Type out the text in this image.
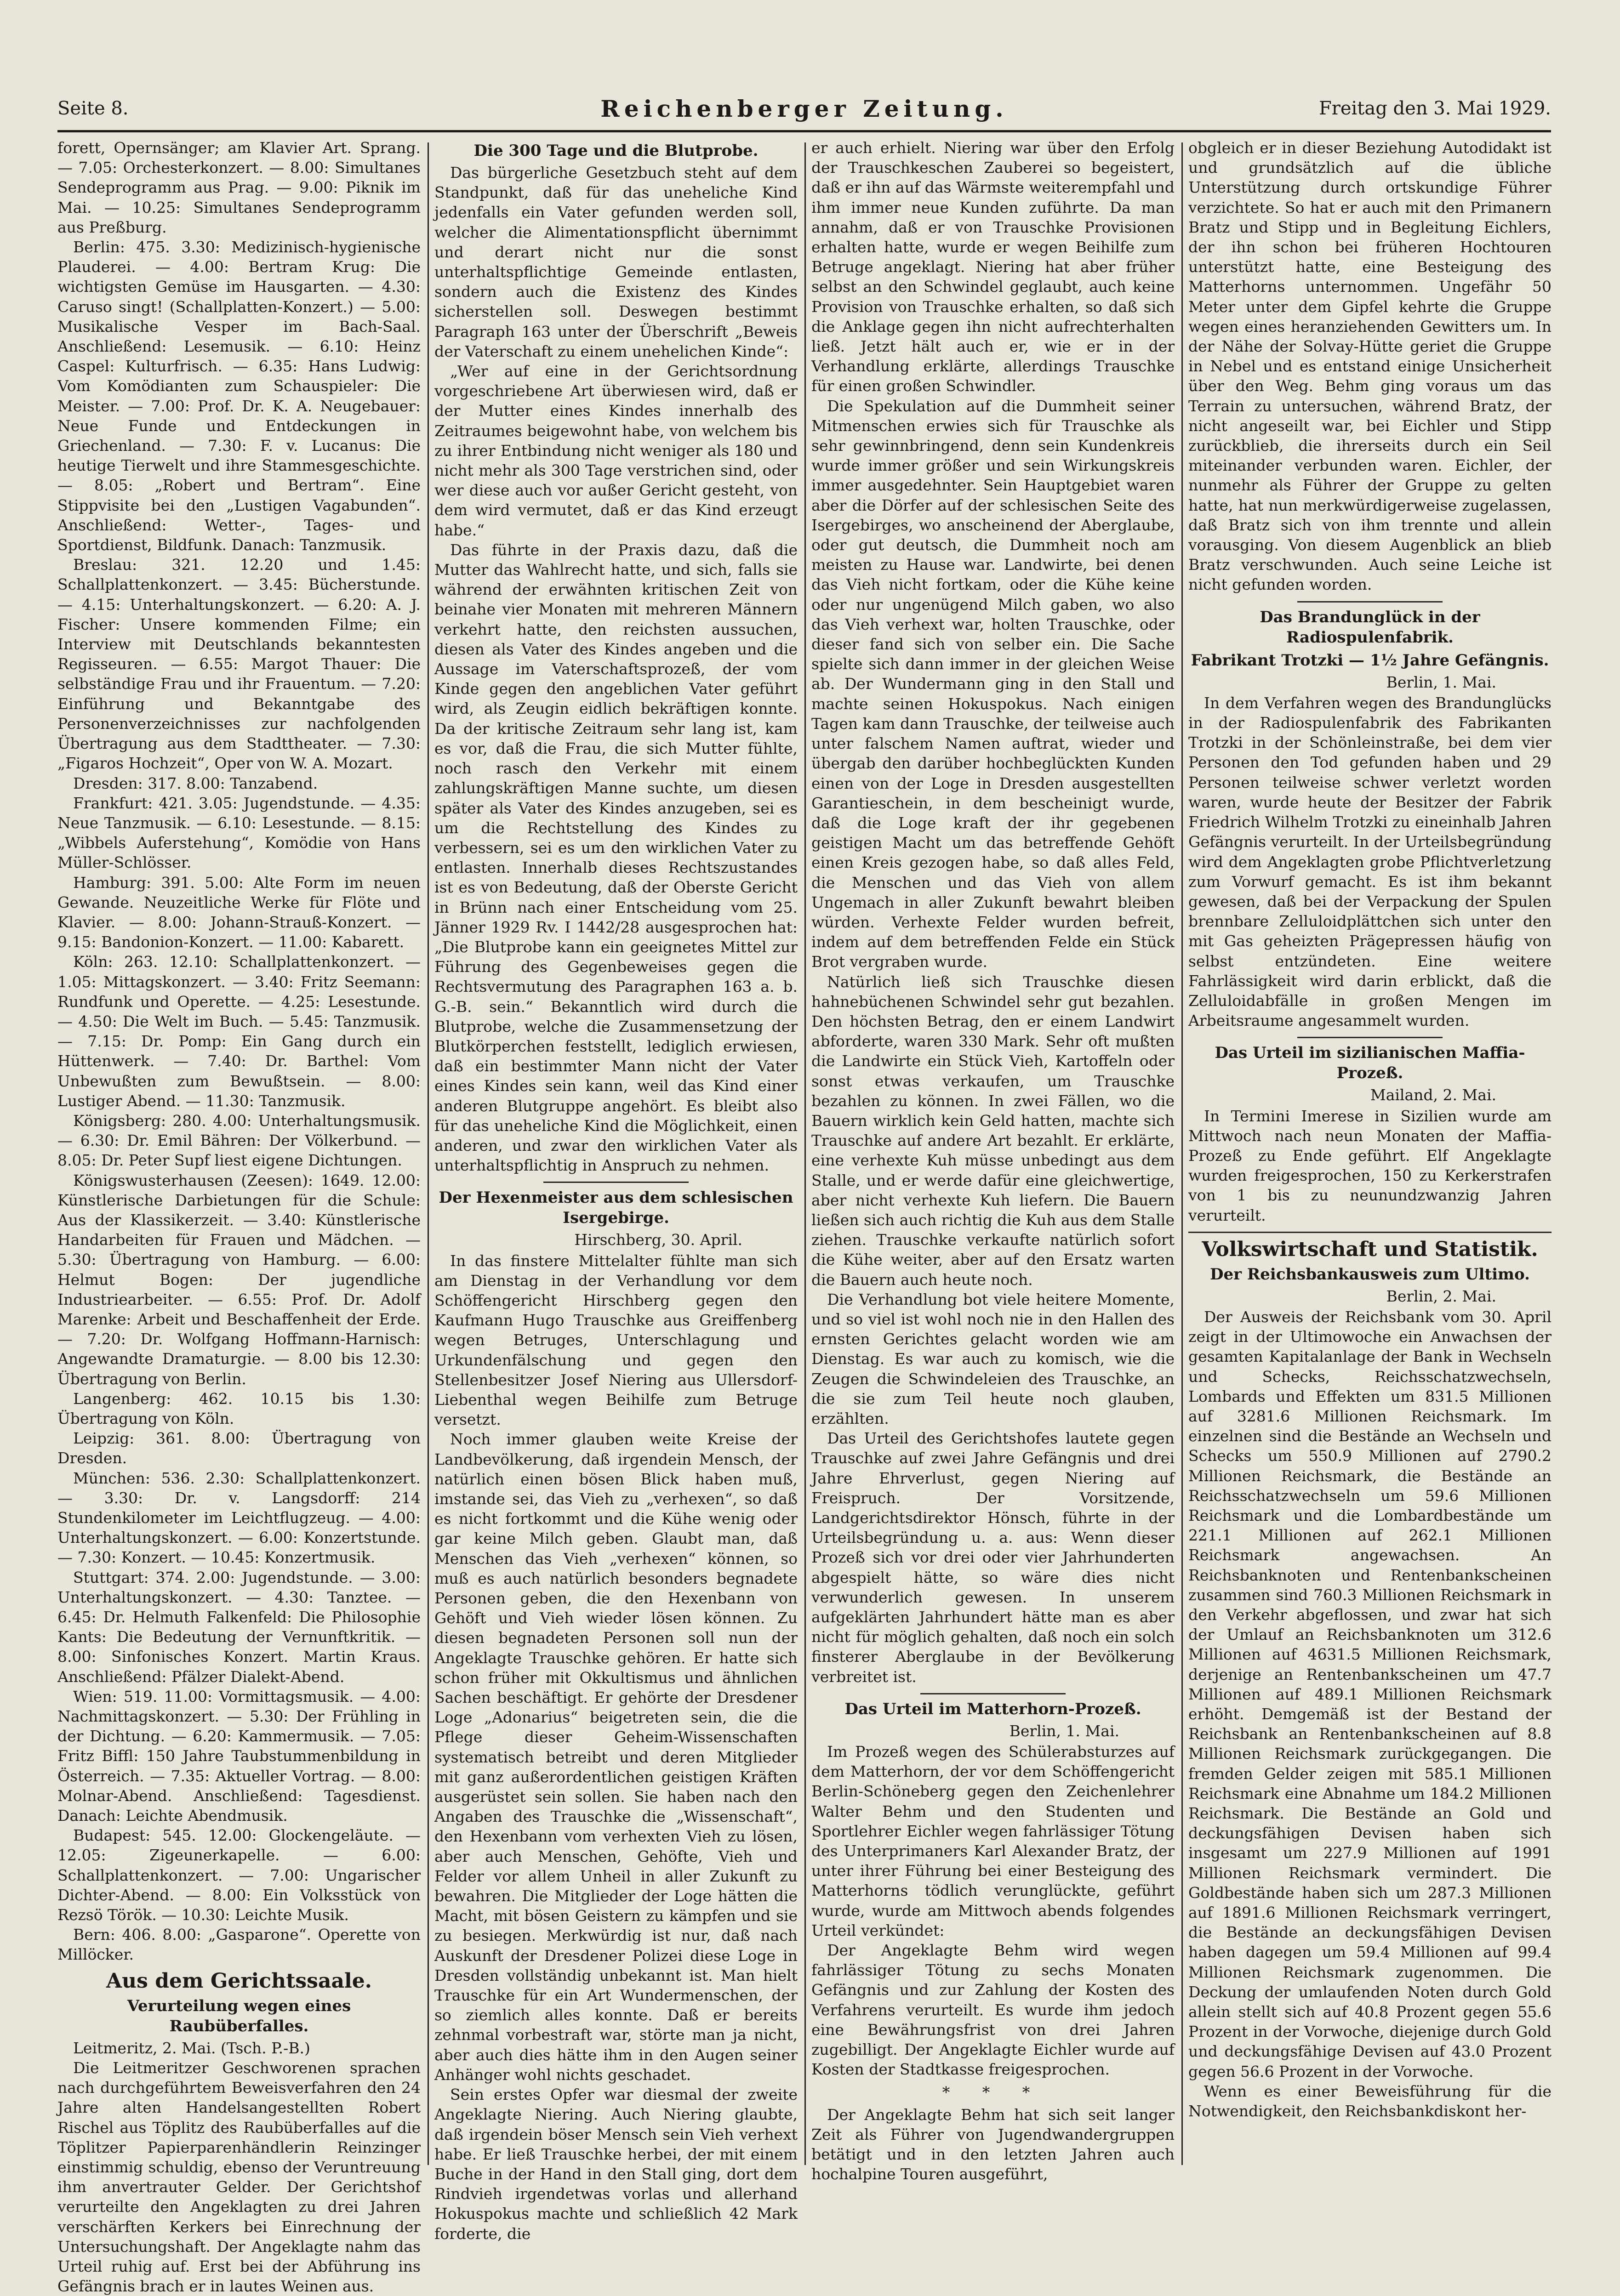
Seite 8.	Reichenberger Zeitung.	Freitag den 3. Mai 1929.

forett, Opernsänger; am Klavier Art. Sprang. — 7.05: Orchesterkonzert. — 8.00: Simultanes Sendeprogramm aus Prag. — 9.00: Piknik im Mai. — 10.25: Simultanes Sendeprogramm aus Preßburg.

Berlin: 475. 3.30: Medizinisch-hygienische Plauderei. — 4.00: Bertram Krug: Die wichtigsten Gemüse im Hausgarten. — 4.30: Caruso singt! (Schallplatten-Konzert.) — 5.00: Musikalische Vesper im Bach-Saal. Anschließend: Lesemusik. — 6.10: Heinz Caspel: Kulturfrisch. — 6.35: Hans Ludwig: Vom Komödianten zum Schauspieler: Die Meister. — 7.00: Prof. Dr. K. A. Neugebauer: Neue Funde und Entdeckungen in Griechenland. — 7.30: F. v. Lucanus: Die heutige Tierwelt und ihre Stammesgeschichte. — 8.05: „Robert und Bertram“. Eine Stippvisite bei den „Lustigen Vagabunden“. Anschließend: Wetter-, Tages- und Sportdienst, Bildfunk. Danach: Tanzmusik.

Breslau: 321. 12.20 und 1.45: Schallplattenkonzert. — 3.45: Bücherstunde. — 4.15: Unterhaltungskonzert. — 6.20: A. J. Fischer: Unsere kommenden Filme; ein Interview mit Deutschlands bekanntesten Regisseuren. — 6.55: Margot Thauer: Die selbständige Frau und ihr Frauentum. — 7.20: Einführung und Bekanntgabe des Personenverzeichnisses zur nachfolgenden Übertragung aus dem Stadttheater. — 7.30: „Figaros Hochzeit“, Oper von W. A. Mozart.

Dresden: 317. 8.00: Tanzabend.

Frankfurt: 421. 3.05: Jugendstunde. — 4.35: Neue Tanzmusik. — 6.10: Lesestunde. — 8.15: „Wibbels Auferstehung“, Komödie von Hans Müller-Schlösser.

Hamburg: 391. 5.00: Alte Form im neuen Gewande. Neuzeitliche Werke für Flöte und Klavier. — 8.00: Johann-Strauß-Konzert. — 9.15: Bandonion-Konzert. — 11.00: Kabarett.

Köln: 263. 12.10: Schallplattenkonzert. — 1.05: Mittagskonzert. — 3.40: Fritz Seemann: Rundfunk und Operette. — 4.25: Lesestunde. — 4.50: Die Welt im Buch. — 5.45: Tanzmusik. — 7.15: Dr. Pomp: Ein Gang durch ein Hüttenwerk. — 7.40: Dr. Barthel: Vom Unbewußten zum Bewußtsein. — 8.00: Lustiger Abend. — 11.30: Tanzmusik.

Königsberg: 280. 4.00: Unterhaltungsmusik. — 6.30: Dr. Emil Bähren: Der Völkerbund. — 8.05: Dr. Peter Supf liest eigene Dichtungen.

Königswusterhausen (Zeesen): 1649. 12.00: Künstlerische Darbietungen für die Schule: Aus der Klassikerzeit. — 3.40: Künstlerische Handarbeiten für Frauen und Mädchen. — 5.30: Übertragung von Hamburg. — 6.00: Helmut Bogen: Der jugendliche Industriearbeiter. — 6.55: Prof. Dr. Adolf Marenke: Arbeit und Beschaffenheit der Erde. — 7.20: Dr. Wolfgang Hoffmann-Harnisch: Angewandte Dramaturgie. — 8.00 bis 12.30: Übertragung von Berlin.

Langenberg: 462. 10.15 bis 1.30: Übertragung von Köln.

Leipzig: 361. 8.00: Übertragung von Dresden.

München: 536. 2.30: Schallplattenkonzert. — 3.30: Dr. v. Langsdorff: 214 Stundenkilometer im Leichtflugzeug. — 4.00: Unterhaltungskonzert. — 6.00: Konzertstunde. — 7.30: Konzert. — 10.45: Konzertmusik.

Stuttgart: 374. 2.00: Jugendstunde. — 3.00: Unterhaltungskonzert. — 4.30: Tanztee. — 6.45: Dr. Helmuth Falkenfeld: Die Philosophie Kants: Die Bedeutung der Vernunftkritik. — 8.00: Sinfonisches Konzert. Martin Kraus. Anschließend: Pfälzer Dialekt-Abend.

Wien: 519. 11.00: Vormittagsmusik. — 4.00: Nachmittagskonzert. — 5.30: Der Frühling in der Dichtung. — 6.20: Kammermusik. — 7.05: Fritz Biffl: 150 Jahre Taubstummenbildung in Österreich. — 7.35: Aktueller Vortrag. — 8.00: Molnar-Abend. Anschließend: Tagesdienst. Danach: Leichte Abendmusik.

Budapest: 545. 12.00: Glockengeläute. — 12.05: Zigeunerkapelle. — 6.00: Schallplattenkonzert. — 7.00: Ungarischer Dichter-Abend. — 8.00: Ein Volksstück von Rezsö Török. — 10.30: Leichte Musik.

Bern: 406. 8.00: „Gasparone“. Operette von Millöcker.

Aus dem Gerichtssaale.
Verurteilung wegen eines Raubüberfalles.

Leitmeritz, 2. Mai. (Tsch. P.-B.)

Die Leitmeritzer Geschworenen sprachen nach durchgeführtem Beweisverfahren den 24 Jahre alten Handelsangestellten Robert Rischel aus Töplitz des Raubüberfalles auf die Töplitzer Papierparenhändlerin Reinzinger einstimmig schuldig, ebenso der Veruntreuung ihm anvertrauter Gelder. Der Gerichtshof verurteilte den Angeklagten zu drei Jahren verschärften Kerkers bei Einrechnung der Untersuchungshaft. Der Angeklagte nahm das Urteil ruhig auf. Erst bei der Abführung ins Gefängnis brach er in lautes Weinen aus.

Die 300 Tage und die Blutprobe.

Das bürgerliche Gesetzbuch steht auf dem Standpunkt, daß für das uneheliche Kind jedenfalls ein Vater gefunden werden soll, welcher die Alimentationspflicht übernimmt und derart nicht nur die sonst unterhaltspflichtige Gemeinde entlasten, sondern auch die Existenz des Kindes sicherstellen soll. Deswegen bestimmt Paragraph 163 unter der Überschrift „Beweis der Vaterschaft zu einem unehelichen Kinde“:

„Wer auf eine in der Gerichtsordnung vorgeschriebene Art überwiesen wird, daß er der Mutter eines Kindes innerhalb des Zeitraumes beigewohnt habe, von welchem bis zu ihrer Entbindung nicht weniger als 180 und nicht mehr als 300 Tage verstrichen sind, oder wer diese auch vor außer Gericht gesteht, von dem wird vermutet, daß er das Kind erzeugt habe.“

Das führte in der Praxis dazu, daß die Mutter das Wahlrecht hatte, und sich, falls sie während der erwähnten kritischen Zeit von beinahe vier Monaten mit mehreren Männern verkehrt hatte, den reichsten aussuchen, diesen als Vater des Kindes angeben und die Aussage im Vaterschaftsprozeß, der vom Kinde gegen den angeblichen Vater geführt wird, als Zeugin eidlich bekräftigen konnte. Da der kritische Zeitraum sehr lang ist, kam es vor, daß die Frau, die sich Mutter fühlte, noch rasch den Verkehr mit einem zahlungskräftigen Manne suchte, um diesen später als Vater des Kindes anzugeben, sei es um die Rechtstellung des Kindes zu verbessern, sei es um den wirklichen Vater zu entlasten. Innerhalb dieses Rechtszustandes ist es von Bedeutung, daß der Oberste Gericht in Brünn nach einer Entscheidung vom 25. Jänner 1929 Rv. I 1442/28 ausgesprochen hat: „Die Blutprobe kann ein geeignetes Mittel zur Führung des Gegenbeweises gegen die Rechtsvermutung des Paragraphen 163 a. b. G.-B. sein.“ Bekanntlich wird durch die Blutprobe, welche die Zusammensetzung der Blutkörperchen feststellt, lediglich erwiesen, daß ein bestimmter Mann nicht der Vater eines Kindes sein kann, weil das Kind einer anderen Blutgruppe angehört. Es bleibt also für das uneheliche Kind die Möglichkeit, einen anderen, und zwar den wirklichen Vater als unterhaltspflichtig in Anspruch zu nehmen.

Der Hexenmeister aus dem schlesischen Isergebirge.

Hirschberg, 30. April.

In das finstere Mittelalter fühlte man sich am Dienstag in der Verhandlung vor dem Schöffengericht Hirschberg gegen den Kaufmann Hugo Trauschke aus Greiffenberg wegen Betruges, Unterschlagung und Urkundenfälschung und gegen den Stellenbesitzer Josef Niering aus Ullersdorf-Liebenthal wegen Beihilfe zum Betruge versetzt.

Noch immer glauben weite Kreise der Landbevölkerung, daß irgendein Mensch, der natürlich einen bösen Blick haben muß, imstande sei, das Vieh zu „verhexen“, so daß es nicht fortkommt und die Kühe wenig oder gar keine Milch geben. Glaubt man, daß Menschen das Vieh „verhexen“ können, so muß es auch natürlich besonders begnadete Personen geben, die den Hexenbann von Gehöft und Vieh wieder lösen können. Zu diesen begnadeten Personen soll nun der Angeklagte Trauschke gehören. Er hatte sich schon früher mit Okkultismus und ähnlichen Sachen beschäftigt. Er gehörte der Dresdener Loge „Adonarius“ beigetreten sein, die die Pflege dieser Geheim-Wissenschaften systematisch betreibt und deren Mitglieder mit ganz außerordentlichen geistigen Kräften ausgerüstet sein sollen. Sie haben nach den Angaben des Trauschke die „Wissenschaft“, den Hexenbann vom verhexten Vieh zu lösen, aber auch Menschen, Gehöfte, Vieh und Felder vor allem Unheil in aller Zukunft zu bewahren. Die Mitglieder der Loge hätten die Macht, mit bösen Geistern zu kämpfen und sie zu besiegen. Merkwürdig ist nur, daß nach Auskunft der Dresdener Polizei diese Loge in Dresden vollständig unbekannt ist. Man hielt Trauschke für ein Art Wundermenschen, der so ziemlich alles konnte. Daß er bereits zehnmal vorbestraft war, störte man ja nicht, aber auch dies hätte ihm in den Augen seiner Anhänger wohl nichts geschadet.

Sein erstes Opfer war diesmal der zweite Angeklagte Niering. Auch Niering glaubte, daß irgendein böser Mensch sein Vieh verhext habe. Er ließ Trauschke herbei, der mit einem Buche in der Hand in den Stall ging, dort dem Rindvieh irgendetwas vorlas und allerhand Hokuspokus machte und schließlich 42 Mark forderte, die

er auch erhielt. Niering war über den Erfolg der Trauschkeschen Zauberei so begeistert, daß er ihn auf das Wärmste weiterempfahl und ihm immer neue Kunden zuführte. Da man annahm, daß er von Trauschke Provisionen erhalten hatte, wurde er wegen Beihilfe zum Betruge angeklagt. Niering hat aber früher selbst an den Schwindel geglaubt, auch keine Provision von Trauschke erhalten, so daß sich die Anklage gegen ihn nicht aufrechterhalten ließ. Jetzt hält auch er, wie er in der Verhandlung erklärte, allerdings Trauschke für einen großen Schwindler.

Die Spekulation auf die Dummheit seiner Mitmenschen erwies sich für Trauschke als sehr gewinnbringend, denn sein Kundenkreis wurde immer größer und sein Wirkungskreis immer ausgedehnter. Sein Hauptgebiet waren aber die Dörfer auf der schlesischen Seite des Isergebirges, wo anscheinend der Aberglaube, oder gut deutsch, die Dummheit noch am meisten zu Hause war. Landwirte, bei denen das Vieh nicht fortkam, oder die Kühe keine oder nur ungenügend Milch gaben, wo also das Vieh verhext war, holten Trauschke, oder dieser fand sich von selber ein. Die Sache spielte sich dann immer in der gleichen Weise ab. Der Wundermann ging in den Stall und machte seinen Hokuspokus. Nach einigen Tagen kam dann Trauschke, der teilweise auch unter falschem Namen auftrat, wieder und übergab den darüber hochbeglückten Kunden einen von der Loge in Dresden ausgestellten Garantieschein, in dem bescheinigt wurde, daß die Loge kraft der ihr gegebenen geistigen Macht um das betreffende Gehöft einen Kreis gezogen habe, so daß alles Feld, die Menschen und das Vieh von allem Ungemach in aller Zukunft bewahrt bleiben würden. Verhexte Felder wurden befreit, indem auf dem betreffenden Felde ein Stück Brot vergraben wurde.

Natürlich ließ sich Trauschke diesen hahnebüchenen Schwindel sehr gut bezahlen. Den höchsten Betrag, den er einem Landwirt abforderte, waren 330 Mark. Sehr oft mußten die Landwirte ein Stück Vieh, Kartoffeln oder sonst etwas verkaufen, um Trauschke bezahlen zu können. In zwei Fällen, wo die Bauern wirklich kein Geld hatten, machte sich Trauschke auf andere Art bezahlt. Er erklärte, eine verhexte Kuh müsse unbedingt aus dem Stalle, und er werde dafür eine gleichwertige, aber nicht verhexte Kuh liefern. Die Bauern ließen sich auch richtig die Kuh aus dem Stalle ziehen. Trauschke verkaufte natürlich sofort die Kühe weiter, aber auf den Ersatz warten die Bauern auch heute noch.

Die Verhandlung bot viele heitere Momente, und so viel ist wohl noch nie in den Hallen des ernsten Gerichtes gelacht worden wie am Dienstag. Es war auch zu komisch, wie die Zeugen die Schwindeleien des Trauschke, an die sie zum Teil heute noch glauben, erzählten.

Das Urteil des Gerichtshofes lautete gegen Trauschke auf zwei Jahre Gefängnis und drei Jahre Ehrverlust, gegen Niering auf Freispruch. Der Vorsitzende, Landgerichtsdirektor Hönsch, führte in der Urteilsbegründung u. a. aus: Wenn dieser Prozeß sich vor drei oder vier Jahrhunderten abgespielt hätte, so wäre dies nicht verwunderlich gewesen. In unserem aufgeklärten Jahrhundert hätte man es aber nicht für möglich gehalten, daß noch ein solch finsterer Aberglaube in der Bevölkerung verbreitet ist.

Das Urteil im Matterhorn-Prozeß.

Berlin, 1. Mai.

Im Prozeß wegen des Schülerabsturzes auf dem Matterhorn, der vor dem Schöffengericht Berlin-Schöneberg gegen den Zeichenlehrer Walter Behm und den Studenten und Sportlehrer Eichler wegen fahrlässiger Tötung des Unterprimaners Karl Alexander Bratz, der unter ihrer Führung bei einer Besteigung des Matterhorns tödlich verunglückte, geführt wurde, wurde am Mittwoch abends folgendes Urteil verkündet:

Der Angeklagte Behm wird wegen fahrlässiger Tötung zu sechs Monaten Gefängnis und zur Zahlung der Kosten des Verfahrens verurteilt. Es wurde ihm jedoch eine Bewährungsfrist von drei Jahren zugebilligt. Der Angeklagte Eichler wurde auf Kosten der Stadtkasse freigesprochen.

* * *

Der Angeklagte Behm hat sich seit langer Zeit als Führer von Jugendwandergruppen betätigt und in den letzten Jahren auch hochalpine Touren ausgeführt,

obgleich er in dieser Beziehung Autodidakt ist und grundsätzlich auf die übliche Unterstützung durch ortskundige Führer verzichtete. So hat er auch mit den Primanern Bratz und Stipp und in Begleitung Eichlers, der ihn schon bei früheren Hochtouren unterstützt hatte, eine Besteigung des Matterhorns unternommen. Ungefähr 50 Meter unter dem Gipfel kehrte die Gruppe wegen eines heranziehenden Gewitters um. In der Nähe der Solvay-Hütte geriet die Gruppe in Nebel und es entstand einige Unsicherheit über den Weg. Behm ging voraus um das Terrain zu untersuchen, während Bratz, der nicht angeseilt war, bei Eichler und Stipp zurückblieb, die ihrerseits durch ein Seil miteinander verbunden waren. Eichler, der nunmehr als Führer der Gruppe zu gelten hatte, hat nun merkwürdigerweise zugelassen, daß Bratz sich von ihm trennte und allein vorausging. Von diesem Augenblick an blieb Bratz verschwunden. Auch seine Leiche ist nicht gefunden worden.

Das Brandunglück in der Radiospulenfabrik.
Fabrikant Trotzki — 1½ Jahre Gefängnis.

Berlin, 1. Mai.

In dem Verfahren wegen des Brandunglücks in der Radiospulenfabrik des Fabrikanten Trotzki in der Schönleinstraße, bei dem vier Personen den Tod gefunden haben und 29 Personen teilweise schwer verletzt worden waren, wurde heute der Besitzer der Fabrik Friedrich Wilhelm Trotzki zu eineinhalb Jahren Gefängnis verurteilt. In der Urteilsbegründung wird dem Angeklagten grobe Pflichtverletzung zum Vorwurf gemacht. Es ist ihm bekannt gewesen, daß bei der Verpackung der Spulen brennbare Zelluloidplättchen sich unter den mit Gas geheizten Prägepressen häufig von selbst entzündeten. Eine weitere Fahrlässigkeit wird darin erblickt, daß die Zelluloidabfälle in großen Mengen im Arbeitsraume angesammelt wurden.

Das Urteil im sizilianischen Maffia-Prozeß.

Mailand, 2. Mai.

In Termini Imerese in Sizilien wurde am Mittwoch nach neun Monaten der Maffia-Prozeß zu Ende geführt. Elf Angeklagte wurden freigesprochen, 150 zu Kerkerstrafen von 1 bis zu neunundzwanzig Jahren verurteilt.

Volkswirtschaft und Statistik.
Der Reichsbankausweis zum Ultimo.

Berlin, 2. Mai.

Der Ausweis der Reichsbank vom 30. April zeigt in der Ultimowoche ein Anwachsen der gesamten Kapitalanlage der Bank in Wechseln und Schecks, Reichsschatzwechseln, Lombards und Effekten um 831.5 Millionen auf 3281.6 Millionen Reichsmark. Im einzelnen sind die Bestände an Wechseln und Schecks um 550.9 Millionen auf 2790.2 Millionen Reichsmark, die Bestände an Reichsschatzwechseln um 59.6 Millionen Reichsmark und die Lombardbestände um 221.1 Millionen auf 262.1 Millionen Reichsmark angewachsen. An Reichsbanknoten und Rentenbankscheinen zusammen sind 760.3 Millionen Reichsmark in den Verkehr abgeflossen, und zwar hat sich der Umlauf an Reichsbanknoten um 312.6 Millionen auf 4631.5 Millionen Reichsmark, derjenige an Rentenbankscheinen um 47.7 Millionen auf 489.1 Millionen Reichsmark erhöht. Demgemäß ist der Bestand der Reichsbank an Rentenbankscheinen auf 8.8 Millionen Reichsmark zurückgegangen. Die fremden Gelder zeigen mit 585.1 Millionen Reichsmark eine Abnahme um 184.2 Millionen Reichsmark. Die Bestände an Gold und deckungsfähigen Devisen haben sich insgesamt um 227.9 Millionen auf 1991 Millionen Reichsmark vermindert. Die Goldbestände haben sich um 287.3 Millionen auf 1891.6 Millionen Reichsmark verringert, die Bestände an deckungsfähigen Devisen haben dagegen um 59.4 Millionen auf 99.4 Millionen Reichsmark zugenommen. Die Deckung der umlaufenden Noten durch Gold allein stellt sich auf 40.8 Prozent gegen 55.6 Prozent in der Vorwoche, diejenige durch Gold und deckungsfähige Devisen auf 43.0 Prozent gegen 56.6 Prozent in der Vorwoche.

Wenn es einer Beweisführung für die Notwendigkeit, den Reichsbankdiskont her-
